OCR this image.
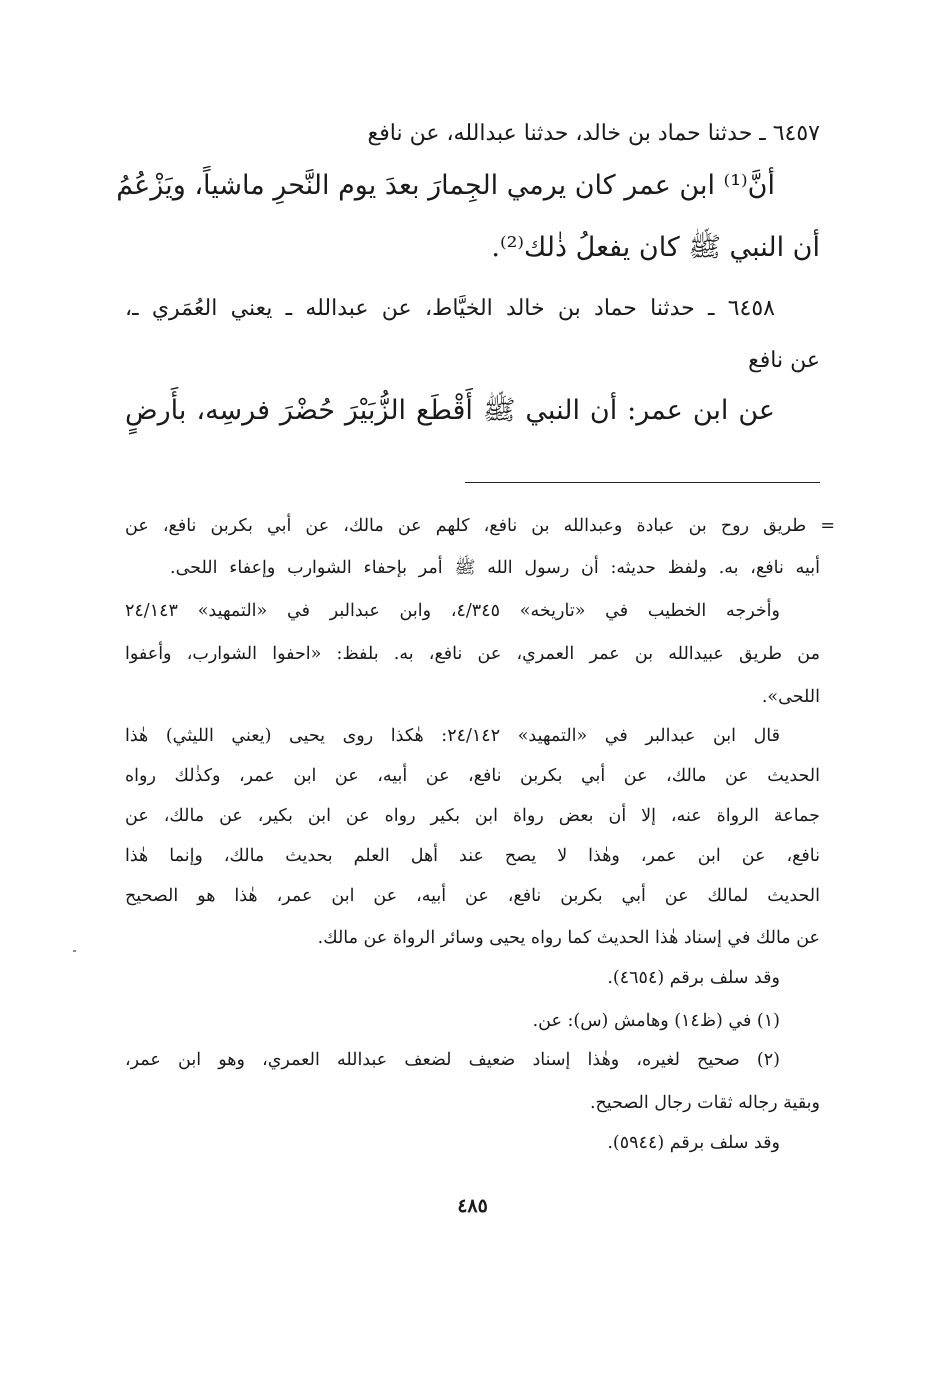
٦٤٥٧ ـ حدثنا حماد بن خالد، حدثنا عبدالله، عن نافع
أنَّ⁽¹⁾ ابن عمر كان يرمي الجِمارَ بعدَ يوم النَّحرِ ماشياً، ويَزْعُمُ
أن النبي ﷺ كان يفعلُ ذٰلك⁽²⁾.
٦٤٥٨ ـ حدثنا حماد بن خالد الخيَّاط، عن عبدالله ـ يعني العُمَري ـ،
عن نافع
عن ابن عمر: أن النبي ﷺ أَقْطَع الزُّبَيْرَ حُضْرَ فرسِه، بأَرضٍ
= طريق روح بن عبادة وعبدالله بن نافع، كلهم عن مالك، عن أبي بكربن نافع، عن
أبيه نافع، به. ولفظ حديثه: أن رسول الله ﷺ أمر بإحفاء الشوارب وإعفاء اللحى.
وأخرجه الخطيب في «تاريخه» ٤/٣٤٥، وابن عبدالبر في «التمهيد» ٢٤/١٤٣
من طريق عبيدالله بن عمر العمري، عن نافع، به. بلفظ: «احفوا الشوارب، وأعفوا
اللحى».
قال ابن عبدالبر في «التمهيد» ٢٤/١٤٢: هٰكذا روى يحيى (يعني الليثي) هٰذا
الحديث عن مالك، عن أبي بكربن نافع، عن أبيه، عن ابن عمر، وكذٰلك رواه
جماعة الرواة عنه، إلا أن بعض رواة ابن بكير رواه عن ابن بكير، عن مالك، عن
نافع، عن ابن عمر، وهٰذا لا يصح عند أهل العلم بحديث مالك، وإنما هٰذا
الحديث لمالك عن أبي بكربن نافع، عن أبيه، عن ابن عمر، هٰذا هو الصحيح
عن مالك في إسناد هٰذا الحديث كما رواه يحيى وسائر الرواة عن مالك.
وقد سلف برقم (٤٦٥٤).
(١) في (ظ١٤) وهامش (س): عن.
(٢) صحيح لغيره، وهٰذا إسناد ضعيف لضعف عبدالله العمري، وهو ابن عمر،
وبقية رجاله ثقات رجال الصحيح.
وقد سلف برقم (٥٩٤٤).
٤٨٥
